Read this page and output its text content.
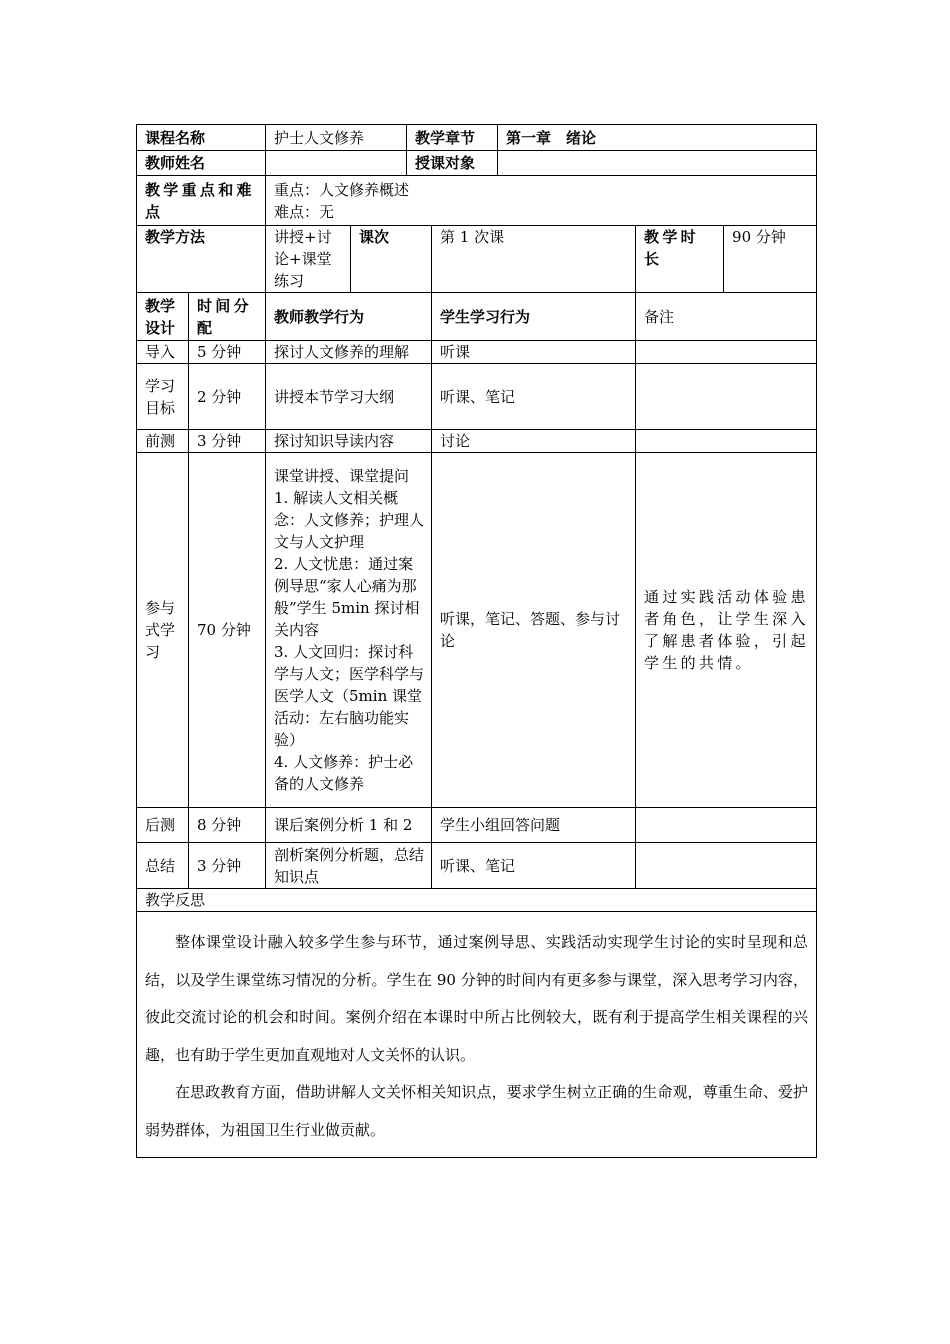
课程名称		护士人文修养		教学章节		第一章　绪论		
教师姓名				授课对象				
教学重点和难点		重点：人文修养概述
难点：无						

教学方法		讲授+讨论+课堂练习	课次		第 1 次课		教学时长	90 分钟
教学设计	时间分配	教师教学行为			学生学习行为		备注	
导入	5 分钟	探讨人文修养的理解			听课			
学习目标	2 分钟	讲授本节学习大纲			听课、笔记			
前测	3 分钟	探讨知识导读内容			讨论			
参与式学习	70 分钟	课堂讲授、课堂提问
1. 解读人文相关概念：人文修养；护理人文与人文护理
2. 人文忧患：通过案例导思“家人心痛为那般”学生 5min 探讨相关内容
3. 人文回归：探讨科学与人文；医学科学与医学人文（5min 课堂活动：左右脑功能实验）
4. 人文修养：护士必备的人文修养			听课，笔记、答题、参与讨论		通过实践活动体验患者角色，让学生深入了解患者体验，引起学生的共情。	
后测	8 分钟	课后案例分析 1 和 2			学生小组回答问题			
总结	3 分钟	剖析案例分析题，总结知识点			听课、笔记			
教学反思								

整体课堂设计融入较多学生参与环节，通过案例导思、实践活动实现学生讨论的实时呈现和总结，以及学生课堂练习情况的分析。学生在 90 分钟的时间内有更多参与课堂，深入思考学习内容，彼此交流讨论的机会和时间。案例介绍在本课时中所占比例较大，既有利于提高学生相关课程的兴趣，也有助于学生更加直观地对人文关怀的认识。

在思政教育方面，借助讲解人文关怀相关知识点，要求学生树立正确的生命观，尊重生命、爱护弱势群体，为祖国卫生行业做贡献。								
